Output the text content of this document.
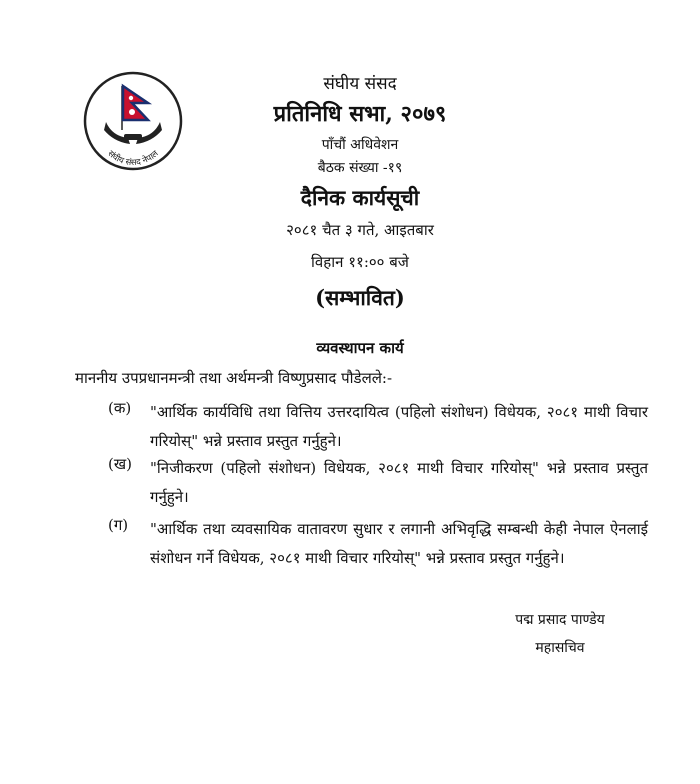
संघीय संसद नेपाल
संघीय संसद
प्रतिनिधि सभा, २०७९
पाँचौं अधिवेशन
बैठक संख्या -१९
दैनिक कार्यसूची
२०८१ चैत ३ गते, आइतबार
विहान ११:०० बजे
(सम्भावित)
व्यवस्थापन कार्य
माननीय उपप्रधानमन्त्री तथा अर्थमन्त्री विष्णुप्रसाद पौडेलले:-
(क) "आर्थिक कार्यविधि तथा वित्तिय उत्तरदायित्व (पहिलो संशोधन) विधेयक, २०८१ माथी विचार गरियोस्" भन्ने प्रस्ताव प्रस्तुत गर्नुहुने।
(ख) "निजीकरण (पहिलो संशोधन) विधेयक, २०८१ माथी विचार गरियोस्" भन्ने प्रस्ताव प्रस्तुत गर्नुहुने।
(ग) "आर्थिक तथा व्यवसायिक वातावरण सुधार र लगानी अभिवृद्धि सम्बन्धी केही नेपाल ऐनलाई संशोधन गर्ने विधेयक, २०८१ माथी विचार गरियोस्" भन्ने प्रस्ताव प्रस्तुत गर्नुहुने।
पद्म प्रसाद पाण्डेय
महासचिव
